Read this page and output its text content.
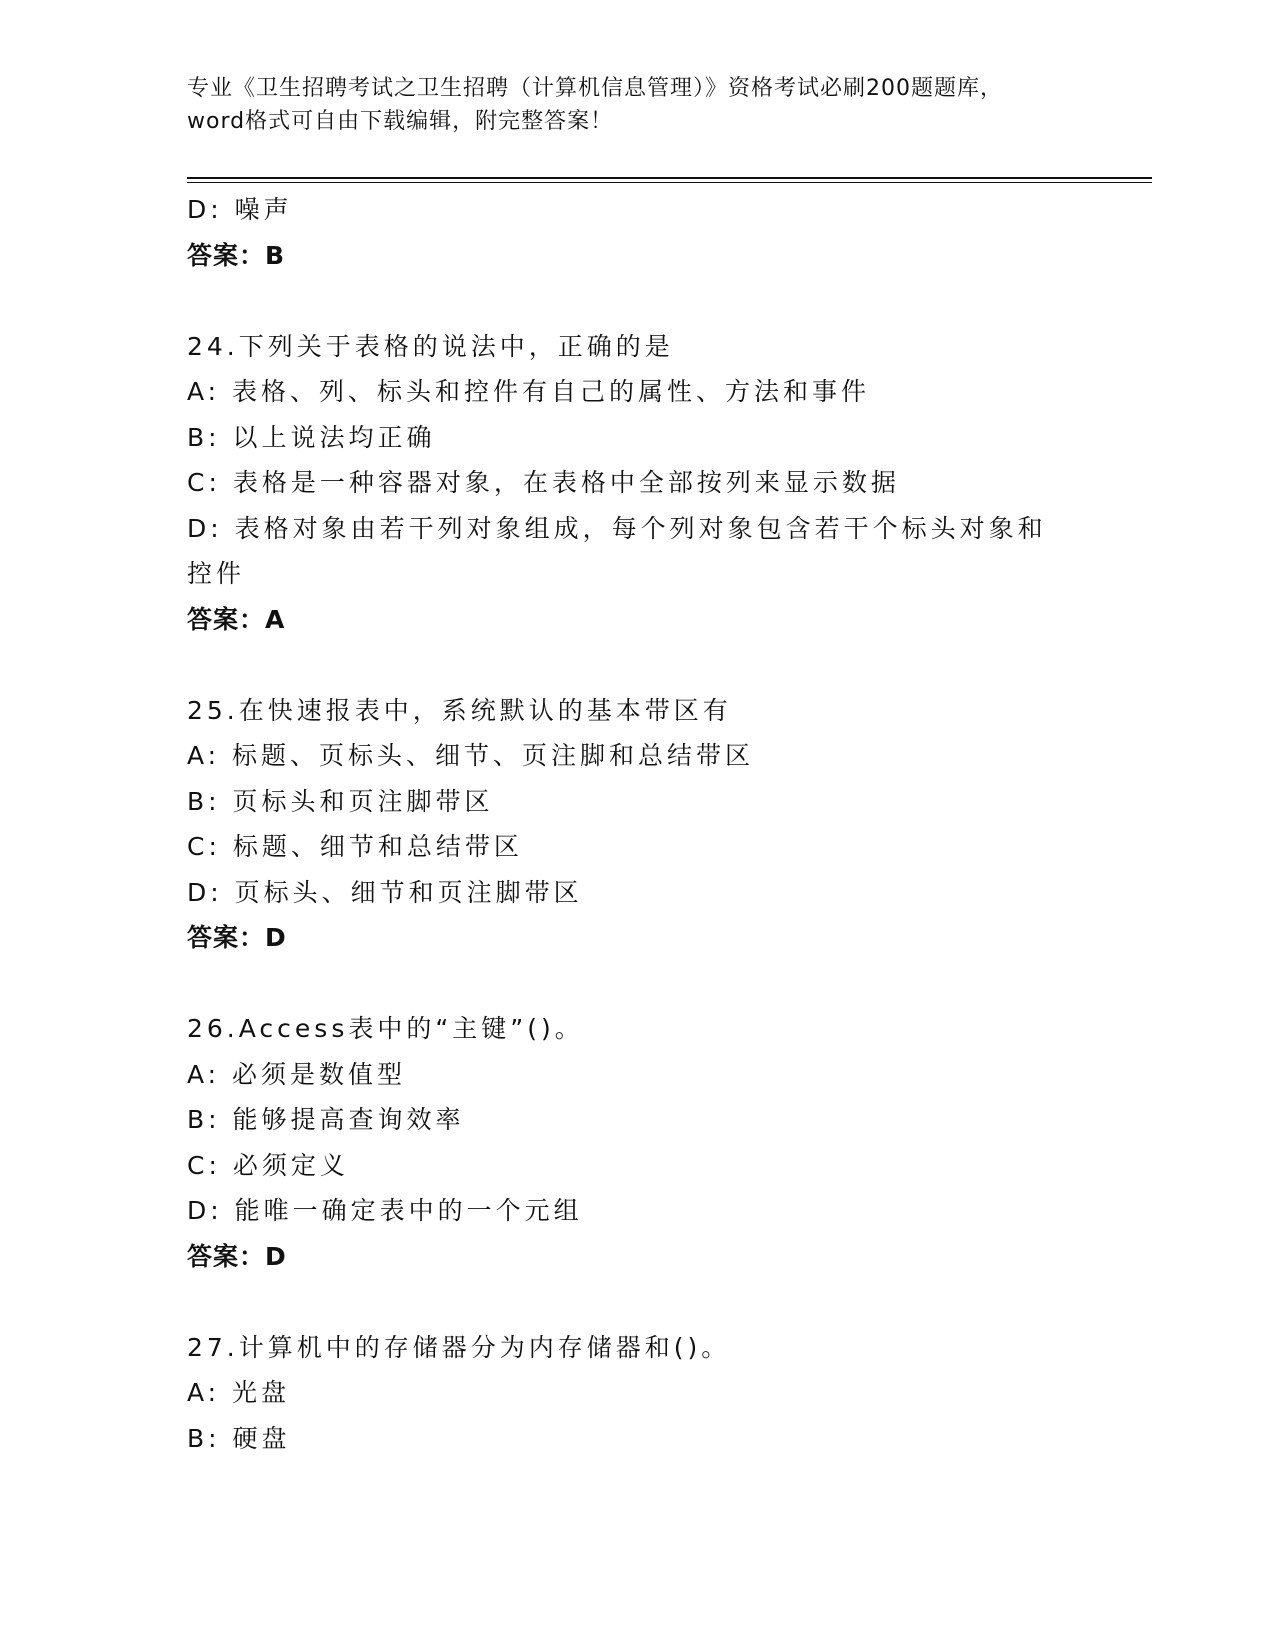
专业《卫生招聘考试之卫生招聘（计算机信息管理）》资格考试必刷200题题库，
word格式可自由下载编辑，附完整答案！
D: 噪声
答案：B
24.下列关于表格的说法中，正确的是
A: 表格、列、标头和控件有自己的属性、方法和事件
B: 以上说法均正确
C: 表格是一种容器对象，在表格中全部按列来显示数据
D: 表格对象由若干列对象组成，每个列对象包含若干个标头对象和控件
答案：A
25.在快速报表中，系统默认的基本带区有
A: 标题、页标头、细节、页注脚和总结带区
B: 页标头和页注脚带区
C: 标题、细节和总结带区
D: 页标头、细节和页注脚带区
答案：D
26.Access表中的“主键”()。
A: 必须是数值型
B: 能够提高查询效率
C: 必须定义
D: 能唯一确定表中的一个元组
答案：D
27.计算机中的存储器分为内存储器和()。
A: 光盘
B: 硬盘
